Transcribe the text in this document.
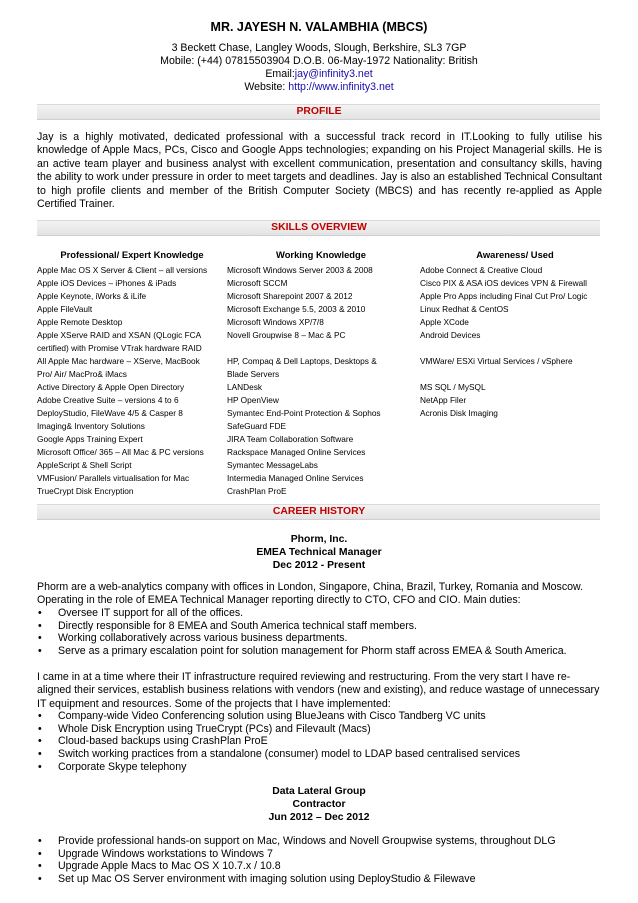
MR. JAYESH N. VALAMBHIA (MBCS)
3 Beckett Chase, Langley Woods, Slough, Berkshire, SL3 7GP
Mobile: (+44) 07815503904 D.O.B. 06-May-1972 Nationality: British
Email:jay@infinity3.net
Website: http://www.infinity3.net
PROFILE
Jay is a highly motivated, dedicated professional with a successful track record in IT.Looking to fully utilise his knowledge of Apple Macs, PCs, Cisco and Google Apps technologies; expanding on his Project Managerial skills. He is an active team player and business analyst with excellent communication, presentation and consultancy skills, having the ability to work under pressure in order to meet targets and deadlines. Jay is also an established Technical Consultant to high profile clients and member of the British Computer Society (MBCS) and has recently re-applied as Apple Certified Trainer.
SKILLS OVERVIEW
Professional/ Expert Knowledge
Apple Mac OS X Server & Client – all versions
Apple iOS Devices – iPhones & iPads
Apple Keynote, iWorks & iLife
Apple FileVault
Apple Remote Desktop
Apple XServe RAID and XSAN (QLogic FCA
certified) with Promise VTrak hardware RAID
All Apple Mac hardware – XServe, MacBook
Pro/ Air/ MacPro& iMacs
Active Directory & Apple Open Directory
Adobe Creative Suite – versions 4 to 6
DeployStudio, FileWave 4/5 & Casper 8
Imaging& Inventory Solutions
Google Apps Training Expert
Microsoft Office/ 365 – All Mac & PC versions
AppleScript & Shell Script
VMFusion/ Parallels virtualisation for Mac
TrueCrypt Disk Encryption
Working Knowledge
Microsoft Windows Server 2003 & 2008
Microsoft SCCM
Microsoft Sharepoint 2007 & 2012
Microsoft Exchange 5.5, 2003 & 2010
Microsoft Windows XP/7/8
Novell Groupwise 8 – Mac & PC
HP, Compaq & Dell Laptops, Desktops &
Blade Servers
LANDesk
HP OpenView
Symantec End-Point Protection & Sophos
SafeGuard FDE
JIRA Team Collaboration Software
Rackspace Managed Online Services
Symantec MessageLabs
Intermedia Managed Online Services
CrashPlan ProE
Awareness/ Used
Adobe Connect & Creative Cloud
Cisco PIX & ASA iOS devices VPN & Firewall
Apple Pro Apps including Final Cut Pro/ Logic
Linux Redhat & CentOS
Apple XCode
Android Devices
VMWare/ ESXi Virtual Services / vSphere
MS SQL / MySQL
NetApp Filer
Acronis Disk Imaging
CAREER HISTORY
Phorm, Inc.
EMEA Technical Manager
Dec 2012 - Present
Phorm are a web-analytics company with offices in London, Singapore, China, Brazil, Turkey, Romania and Moscow. Operating in the role of EMEA Technical Manager reporting directly to CTO, CFO and CIO. Main duties:
• Oversee IT support for all of the offices.
• Directly responsible for 8 EMEA and South America technical staff members.
• Working collaboratively across various business departments.
• Serve as a primary escalation point for solution management for Phorm staff across EMEA & South America.
I came in at a time where their IT infrastructure required reviewing and restructuring. From the very start I have re-aligned their services, establish business relations with vendors (new and existing), and reduce wastage of unnecessary IT equipment and resources. Some of the projects that I have implemented:
• Company-wide Video Conferencing solution using BlueJeans with Cisco Tandberg VC units
• Whole Disk Encryption using TrueCrypt (PCs) and Filevault (Macs)
• Cloud-based backups using CrashPlan ProE
• Switch working practices from a standalone (consumer) model to LDAP based centralised services
• Corporate Skype telephony
Data Lateral Group
Contractor
Jun 2012 – Dec 2012
• Provide professional hands-on support on Mac, Windows and Novell Groupwise systems, throughout DLG
• Upgrade Windows workstations to Windows 7
• Upgrade Apple Macs to Mac OS X 10.7.x / 10.8
• Set up Mac OS Server environment with imaging solution using DeployStudio & Filewave
